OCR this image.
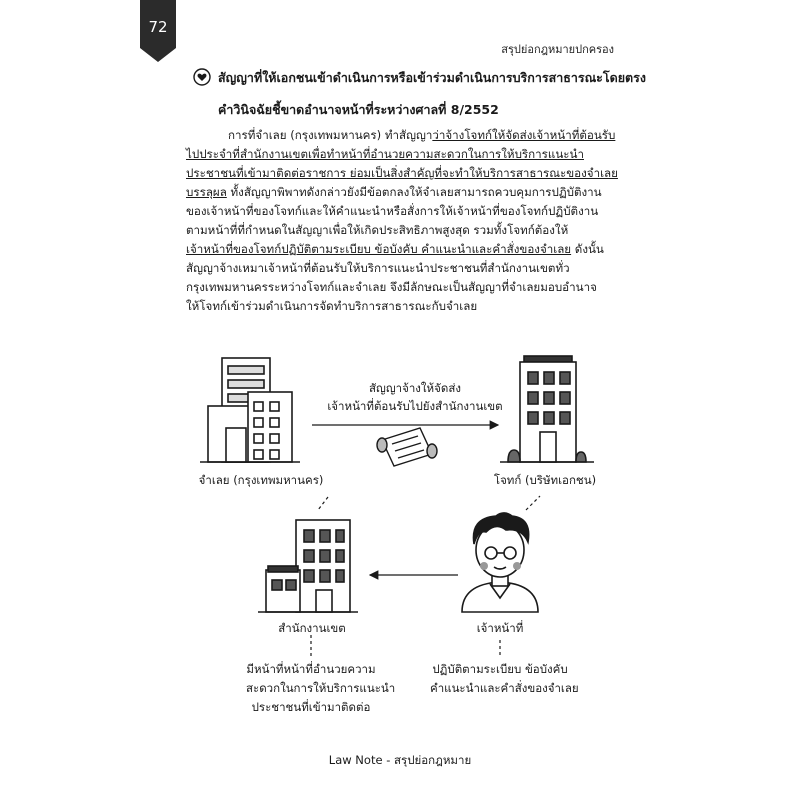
72
สรุปย่อกฎหมายปกครอง
สัญญาที่ให้เอกชนเข้าดำเนินการหรือเข้าร่วมดำเนินการบริการสาธารณะโดยตรง
คำวินิจฉัยชี้ขาดอำนาจหน้าที่ระหว่างศาลที่ 8/2552
การที่จำเลย (กรุงเทพมหานคร) ทำสัญญาว่าจ้างโจทก์ให้จัดส่งเจ้าหน้าที่ต้อนรับ
ไปประจำที่สำนักงานเขตเพื่อทำหน้าที่อำนวยความสะดวกในการให้บริการแนะนำ
ประชาชนที่เข้ามาติดต่อราชการ ย่อมเป็นสิ่งสำคัญที่จะทำให้บริการสาธารณะของจำเลย
บรรลุผล ทั้งสัญญาพิพาทดังกล่าวยังมีข้อตกลงให้จำเลยสามารถควบคุมการปฏิบัติงาน
ของเจ้าหน้าที่ของโจทก์และให้คำแนะนำหรือสั่งการให้เจ้าหน้าที่ของโจทก์ปฏิบัติงาน
ตามหน้าที่ที่กำหนดในสัญญาเพื่อให้เกิดประสิทธิภาพสูงสุด รวมทั้งโจทก์ต้องให้
เจ้าหน้าที่ของโจทก์ปฏิบัติตามระเบียบ ข้อบังคับ คำแนะนำและคำสั่งของจำเลย ดังนั้น
สัญญาจ้างเหมาเจ้าหน้าที่ต้อนรับให้บริการแนะนำประชาชนที่สำนักงานเขตทั่ว
กรุงเทพมหานครระหว่างโจทก์และจำเลย จึงมีลักษณะเป็นสัญญาที่จำเลยมอบอำนาจ
ให้โจทก์เข้าร่วมดำเนินการจัดทำบริการสาธารณะกับจำเลย
สัญญาจ้างให้จัดส่ง
เจ้าหน้าที่ต้อนรับไปยังสำนักงานเขต
จำเลย (กรุงเทพมหานคร)	โจทก์ (บริษัทเอกชน)
สำนักงานเขต	เจ้าหน้าที่
มีหน้าที่หน้าที่อำนวยความ
สะดวกในการให้บริการแนะนำ
ประชาชนที่เข้ามาติดต่อ
ปฏิบัติตามระเบียบ ข้อบังคับ
คำแนะนำและคำสั่งของจำเลย
Law Note - สรุปย่อกฎหมาย
